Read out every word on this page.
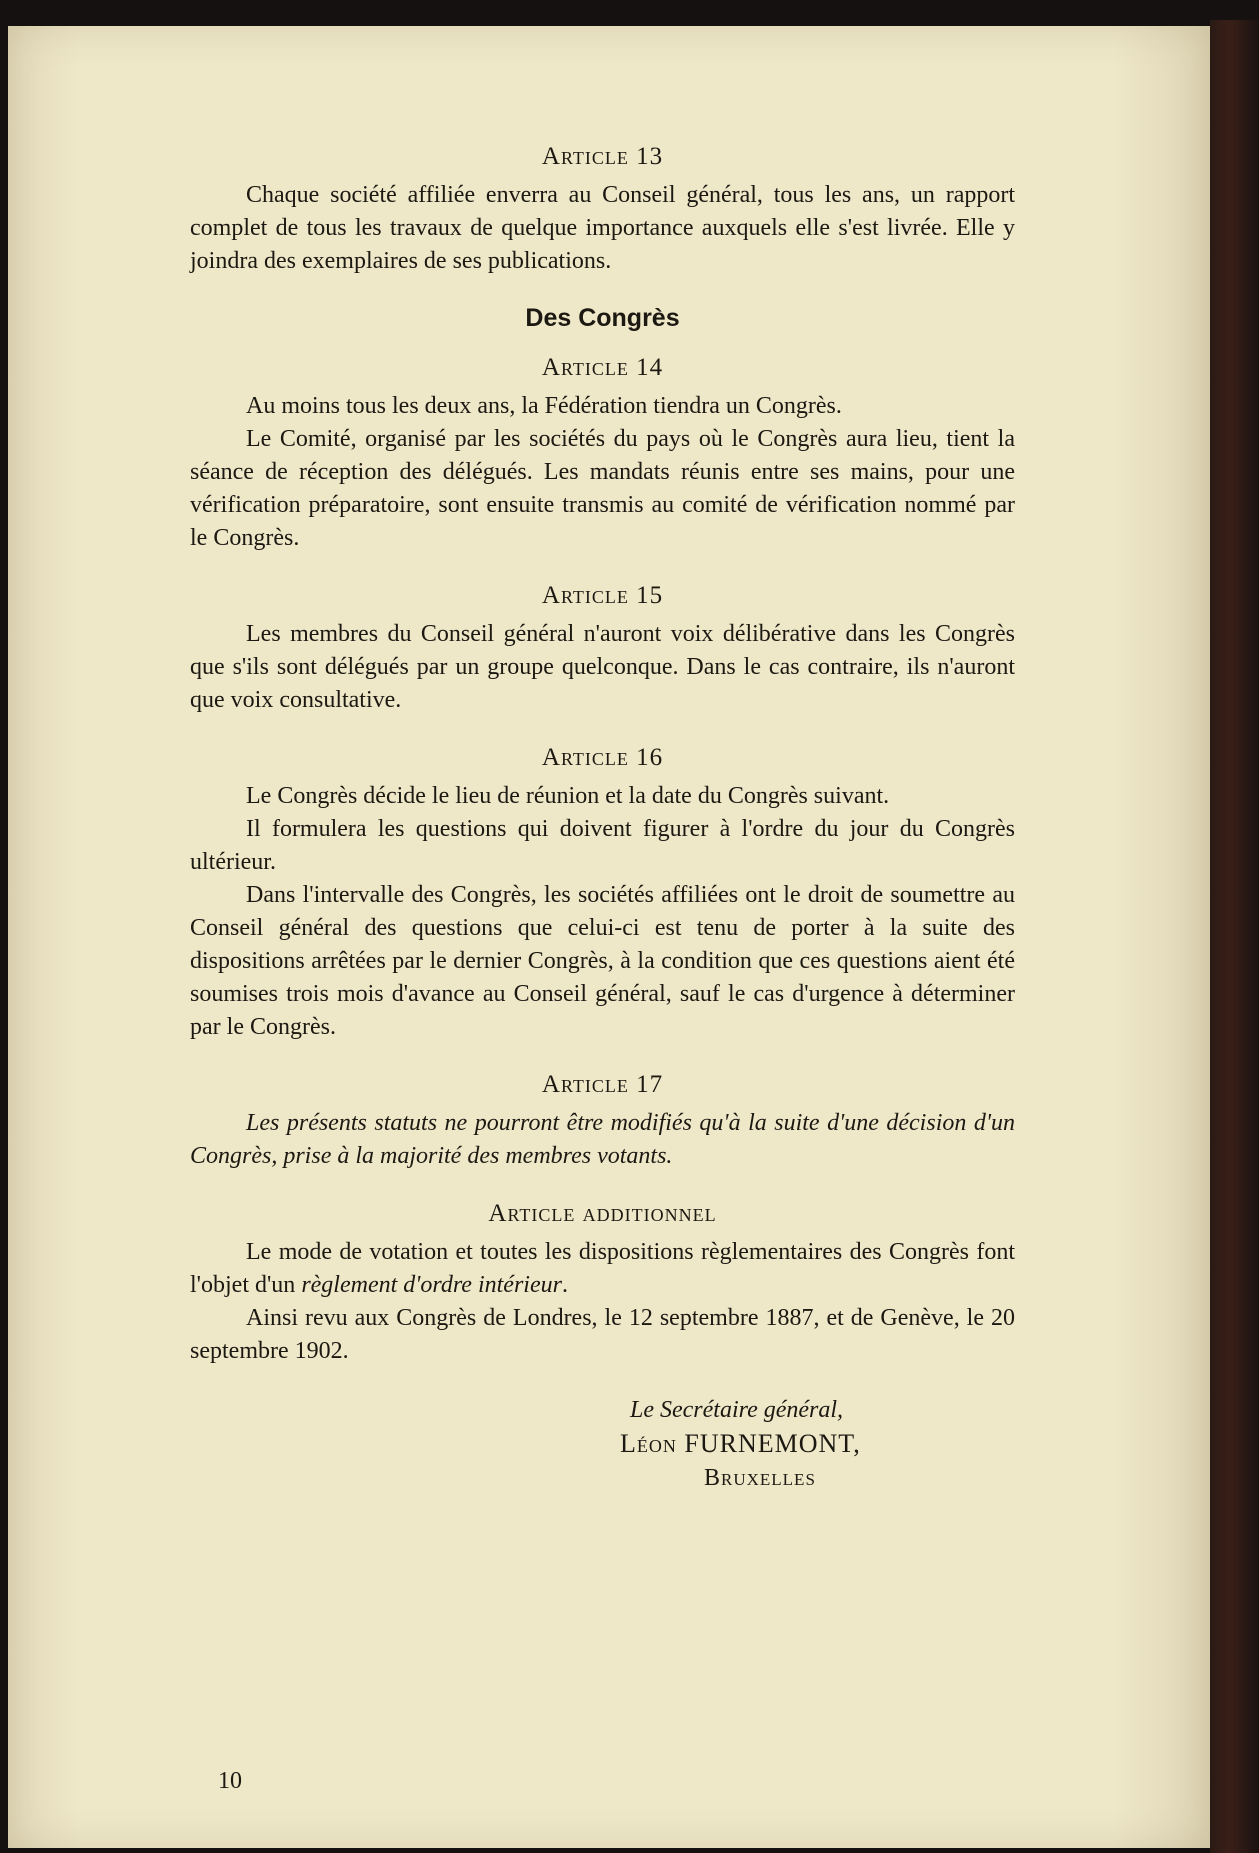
Article 13

Chaque société affiliée enverra au Conseil général, tous les ans, un rapport complet de tous les travaux de quelque importance auxquels elle s'est livrée. Elle y joindra des exemplaires de ses publications.

Des Congrès
Article 14

Au moins tous les deux ans, la Fédération tiendra un Congrès.

Le Comité, organisé par les sociétés du pays où le Congrès aura lieu, tient la séance de réception des délégués. Les mandats réunis entre ses mains, pour une vérification préparatoire, sont ensuite transmis au comité de vérification nommé par le Congrès.

Article 15

Les membres du Conseil général n'auront voix délibérative dans les Congrès que s'ils sont délégués par un groupe quelconque. Dans le cas contraire, ils n'auront que voix consultative.

Article 16

Le Congrès décide le lieu de réunion et la date du Congrès suivant.

Il formulera les questions qui doivent figurer à l'ordre du jour du Congrès ultérieur.

Dans l'intervalle des Congrès, les sociétés affiliées ont le droit de soumettre au Conseil général des questions que celui-ci est tenu de porter à la suite des dispositions arrêtées par le dernier Congrès, à la condition que ces questions aient été soumises trois mois d'avance au Conseil général, sauf le cas d'urgence à déterminer par le Congrès.

Article 17

Les présents statuts ne pourront être modifiés qu'à la suite d'une décision d'un Congrès, prise à la majorité des membres votants.

Article additionnel

Le mode de votation et toutes les dispositions règlementaires des Congrès font l'objet d'un règlement d'ordre intérieur.

Ainsi revu aux Congrès de Londres, le 12 septembre 1887, et de Genève, le 20 septembre 1902.

Le Secrétaire général,
Léon FURNEMONT,
Bruxelles
10
